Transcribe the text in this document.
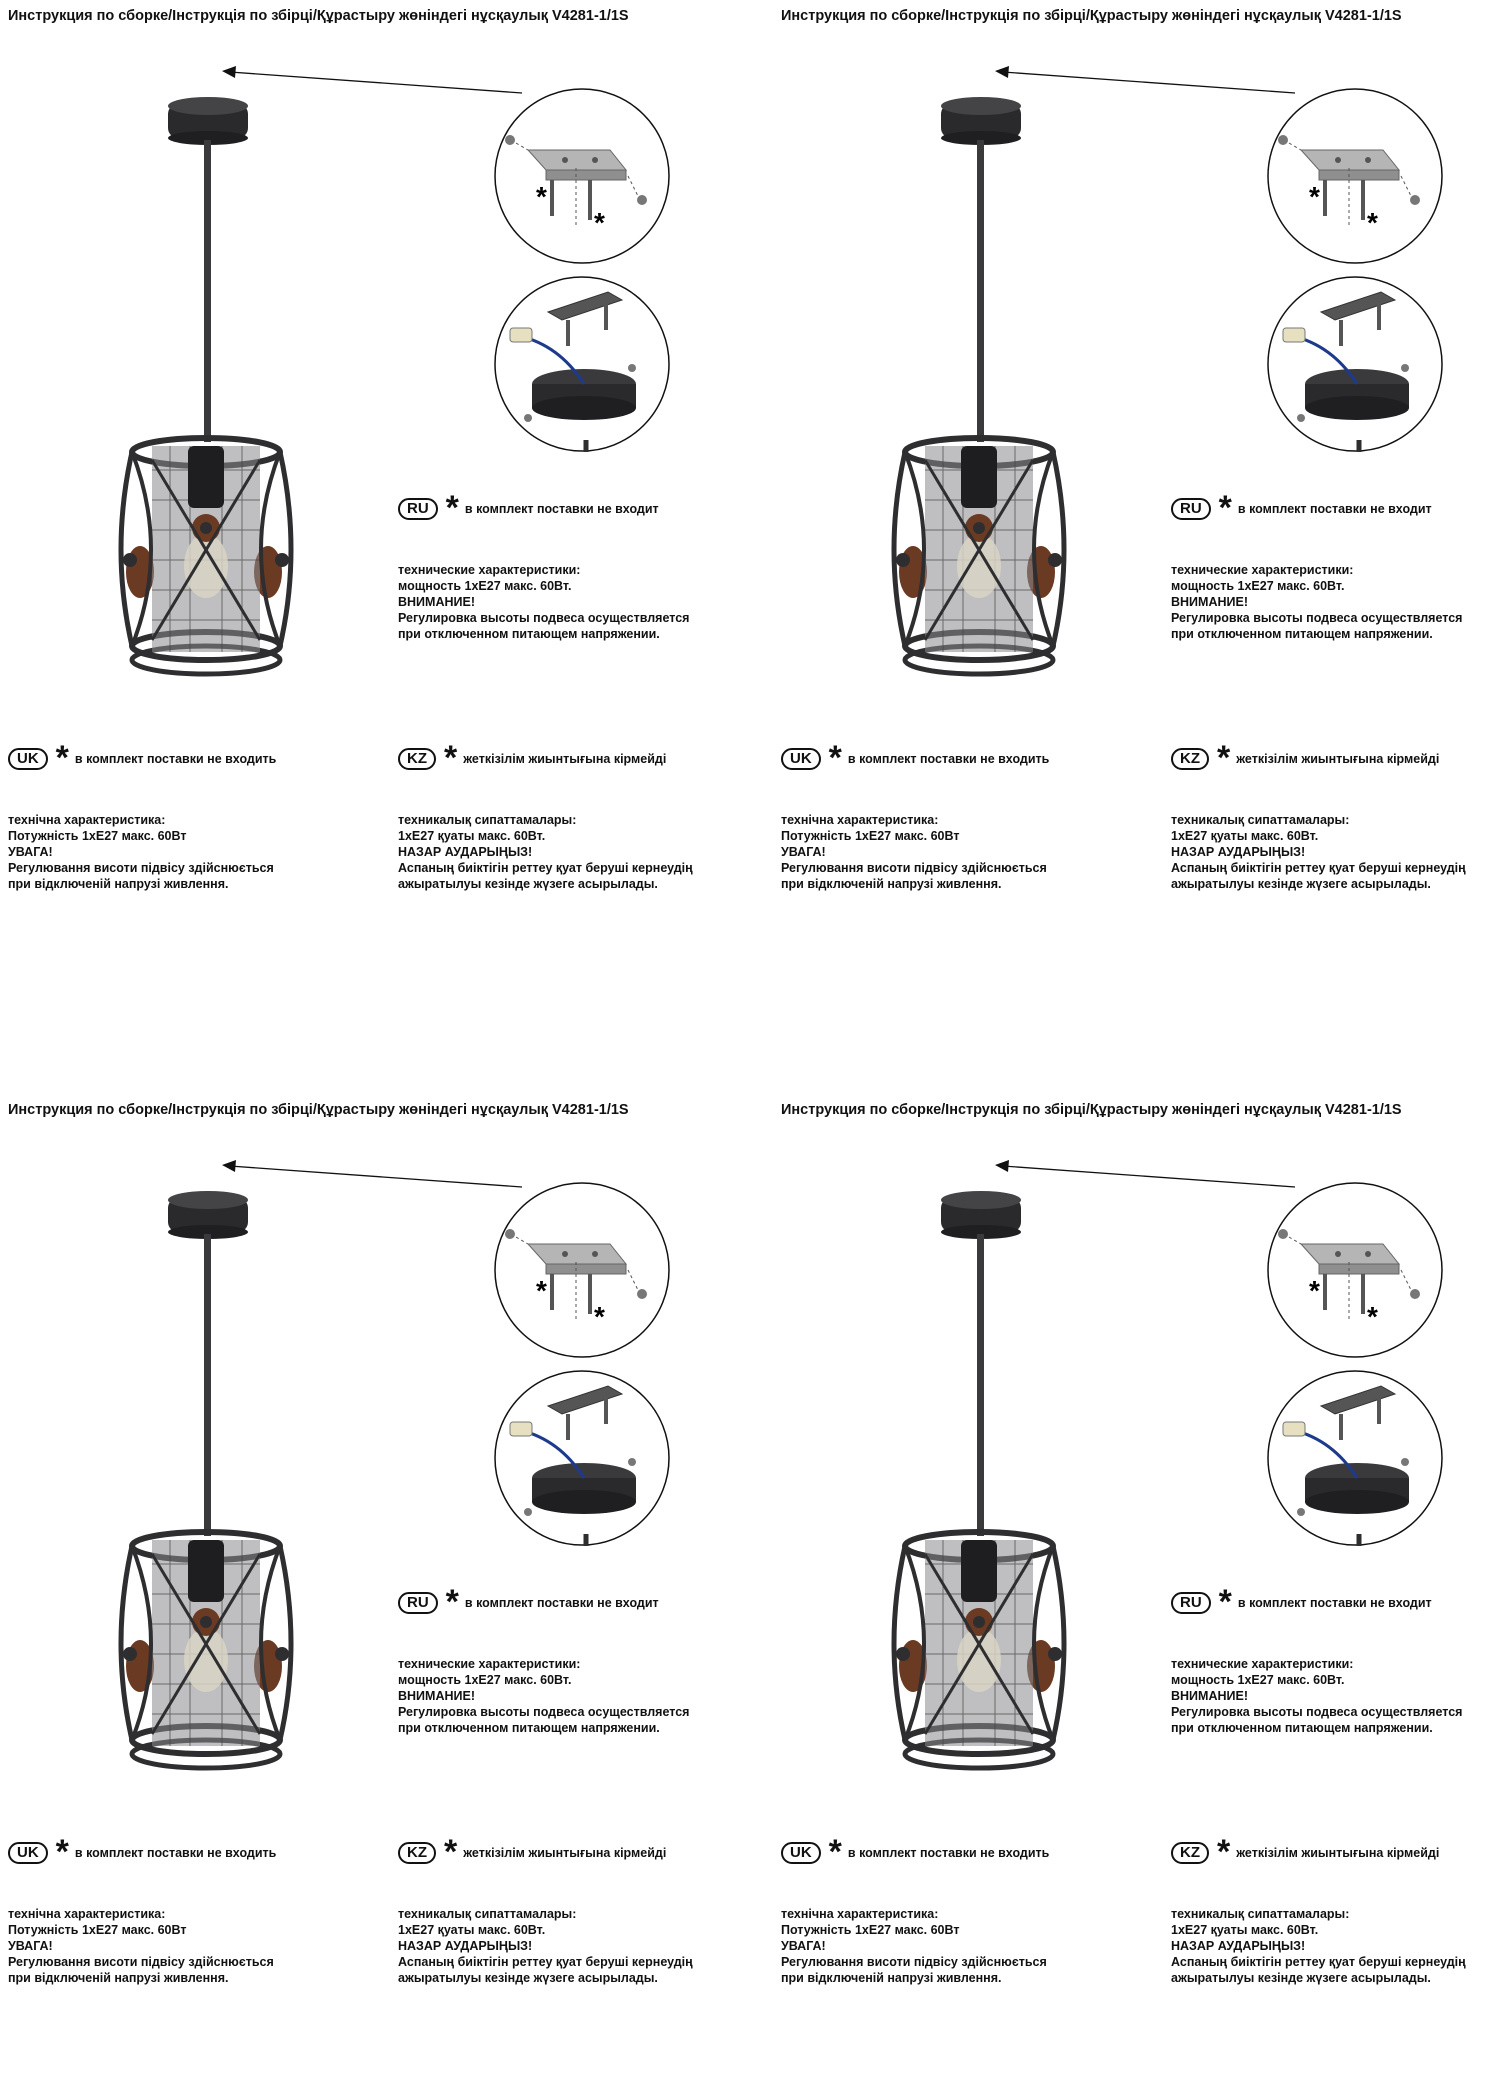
Инструкция по сборке/Інструкція по збірці/Құрастыру жөніндегі нұсқаулық V4281-1/1S
*
*
RU * в комплект поставки не входит
технические характеристики:
мощность 1xE27 макс. 60Вт.
ВНИМАНИЕ!
Регулировка высоты подвеса осуществляется
при отключенном питающем напряжении.
UK * в комплект поставки не входить
технічна характеристика:
Потужність 1xE27 макс. 60Вт
УВАГА!
Регулювання висоти підвісу здійснюється
при відключеній напрузі живлення.
KZ * жеткізілім жиынтығына кірмейді
техникалық сипаттамалары:
1xE27 қуаты макс. 60Вт.
НАЗАР АУДАРЫҢЫЗ!
Аспаның биіктігін реттеу қуат беруші кернеудің
ажыратылуы кезінде жүзеге асырылады.
Инструкция по сборке/Інструкція по збірці/Құрастыру жөніндегі нұсқаулық V4281-1/1S
*
*
RU * в комплект поставки не входит
технические характеристики:
мощность 1xE27 макс. 60Вт.
ВНИМАНИЕ!
Регулировка высоты подвеса осуществляется
при отключенном питающем напряжении.
UK * в комплект поставки не входить
технічна характеристика:
Потужність 1xE27 макс. 60Вт
УВАГА!
Регулювання висоти підвісу здійснюється
при відключеній напрузі живлення.
KZ * жеткізілім жиынтығына кірмейді
техникалық сипаттамалары:
1xE27 қуаты макс. 60Вт.
НАЗАР АУДАРЫҢЫЗ!
Аспаның биіктігін реттеу қуат беруші кернеудің
ажыратылуы кезінде жүзеге асырылады.
Инструкция по сборке/Інструкція по збірці/Құрастыру жөніндегі нұсқаулық V4281-1/1S
*
*
RU * в комплект поставки не входит
технические характеристики:
мощность 1xE27 макс. 60Вт.
ВНИМАНИЕ!
Регулировка высоты подвеса осуществляется
при отключенном питающем напряжении.
UK * в комплект поставки не входить
технічна характеристика:
Потужність 1xE27 макс. 60Вт
УВАГА!
Регулювання висоти підвісу здійснюється
при відключеній напрузі живлення.
KZ * жеткізілім жиынтығына кірмейді
техникалық сипаттамалары:
1xE27 қуаты макс. 60Вт.
НАЗАР АУДАРЫҢЫЗ!
Аспаның биіктігін реттеу қуат беруші кернеудің
ажыратылуы кезінде жүзеге асырылады.
Инструкция по сборке/Інструкція по збірці/Құрастыру жөніндегі нұсқаулық V4281-1/1S
*
*
RU * в комплект поставки не входит
технические характеристики:
мощность 1xE27 макс. 60Вт.
ВНИМАНИЕ!
Регулировка высоты подвеса осуществляется
при отключенном питающем напряжении.
UK * в комплект поставки не входить
технічна характеристика:
Потужність 1xE27 макс. 60Вт
УВАГА!
Регулювання висоти підвісу здійснюється
при відключеній напрузі живлення.
KZ * жеткізілім жиынтығына кірмейді
техникалық сипаттамалары:
1xE27 қуаты макс. 60Вт.
НАЗАР АУДАРЫҢЫЗ!
Аспаның биіктігін реттеу қуат беруші кернеудің
ажыратылуы кезінде жүзеге асырылады.
